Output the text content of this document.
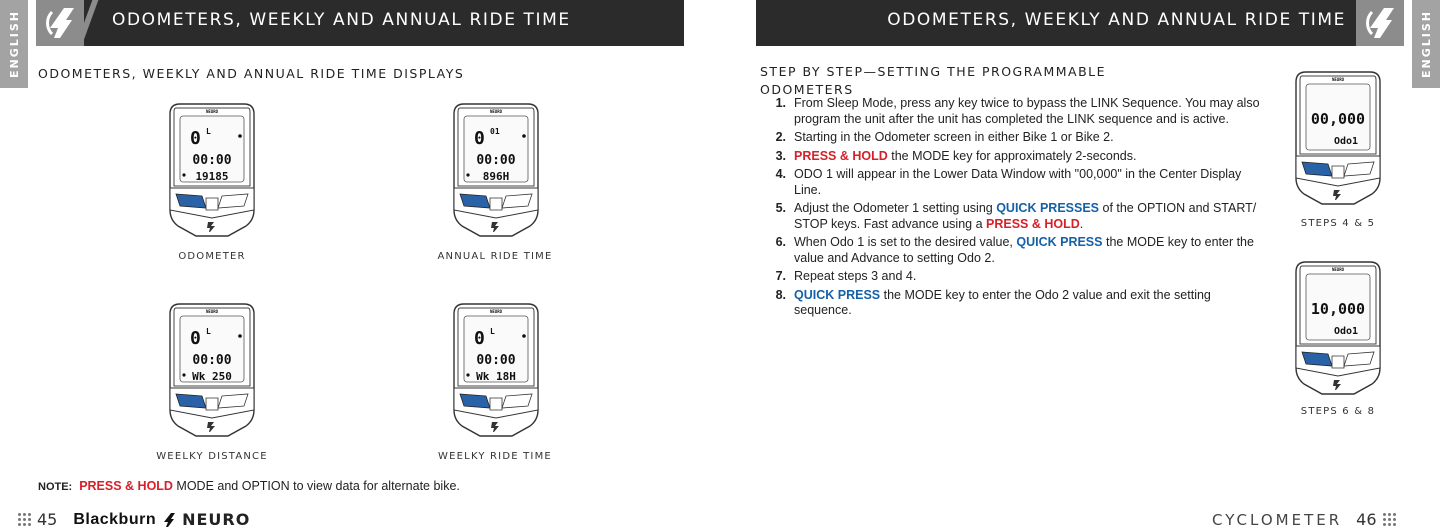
ENGLISH	ODOMETERS, WEEKLY AND ANNUAL RIDE TIME
ODOMETERS, WEEKLY AND ANNUAL RIDE TIME DISPLAYS
NEURO
0 L
00:00
19185
ODOMETER
NEURO
0 01
00:00
896H
ANNUAL RIDE TIME
NEURO
0 L
00:00
Wk 250
WEELKY DISTANCE
NEURO
0 L
00:00
Wk 18H
WEELKY RIDE TIME
NOTE: PRESS & HOLD MODE and OPTION to view data for alternate bike.
45 Blackburn NEURO
ENGLISH
ODOMETERS, WEEKLY AND ANNUAL RIDE TIME
STEP BY STEP—SETTING THE PROGRAMMABLE
ODOMETERS
1. From Sleep Mode, press any key twice to bypass the LINK Sequence. You may also program the unit after the unit has completed the LINK sequence and is active.
2. Starting in the Odometer screen in either Bike 1 or Bike 2.
3. PRESS & HOLD the MODE key for approximately 2-seconds.
4. ODO 1 will appear in the Lower Data Window with "00,000" in the Center Display Line.
5. Adjust the Odometer 1 setting using QUICK PRESSES of the OPTION and START/ STOP keys. Fast advance using a PRESS & HOLD.
6. When Odo 1 is set to the desired value, QUICK PRESS the MODE key to enter the value and Advance to setting Odo 2.
7. Repeat steps 3 and 4.
8. QUICK PRESS the MODE key to enter the Odo 2 value and exit the setting sequence.
NEURO
00,000
Odo1
STEPS 4 & 5
NEURO
10,000
Odo1
STEPS 6 & 8
CYCLOMETER 46
